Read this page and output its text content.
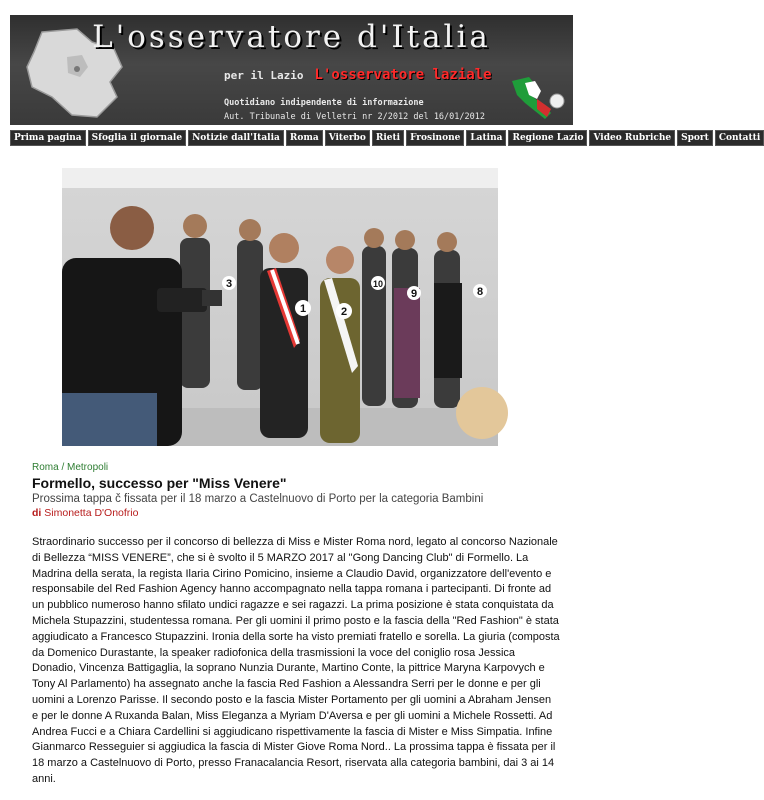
L'osservatore d'Italia
per il Lazio L'osservatore laziale
Quotidiano indipendente di informazione
Aut. Tribunale di Velletri nr 2/2012 del 16/01/2012
Prima pagina	Sfoglia il giornale	Notizie dall'Italia	Roma	Viterbo	Rieti	Frosinone	Latina	Regione Lazio	Video Rubriche	Sport	Contatti
1	2
3	10
9	8

Roma / Metropoli

Formello, successo per "Miss Venere"

Prossima tappa č fissata per il 18 marzo a Castelnuovo di Porto per la categoria Bambini

di Simonetta D'Onofrio

Straordinario successo per il concorso di bellezza di Miss e Mister Roma nord, legato al concorso Nazionale di Bellezza “MISS VENERE”, che si è svolto il 5 MARZO 2017 al "Gong Dancing Club" di Formello. La Madrina della serata, la regista Ilaria Cirino Pomicino, insieme a Claudio David, organizzatore dell'evento e responsabile del Red Fashion Agency hanno accompagnato nella tappa romana i partecipanti. Di fronte ad un pubblico numeroso hanno sfilato undici ragazze e sei ragazzi. La prima posizione è stata conquistata da Michela Stupazzini, studentessa romana. Per gli uomini il primo posto e la fascia della "Red Fashion" è stata aggiudicato a Francesco Stupazzini. Ironia della sorte ha visto premiati fratello e sorella. La giuria (composta da Domenico Durastante, la speaker radiofonica della trasmissioni la voce del coniglio rosa Jessica Donadio, Vincenza Battigaglia, la soprano Nunzia Durante, Martino Conte, la pittrice Maryna Karpovych e Tony Al Parlamento) ha assegnato anche la fascia Red Fashion a Alessandra Serri per le donne e per gli uomini a Lorenzo Parisse. Il secondo posto e la fascia Mister Portamento per gli uomini a Abraham Jensen e per le donne A Ruxanda Balan, Miss Eleganza a Myriam D'Aversa e per gli uomini a Michele Rossetti. Ad Andrea Fucci e a Chiara Cardellini si aggiudicano rispettivamente la fascia di Mister e Miss Simpatia. Infine Gianmarco Resseguier si aggiudica la fascia di Mister Giove Roma Nord.. La prossima tappa è fissata per il 18 marzo a Castelnuovo di Porto, presso Franacalancia Resort, riservata alla categoria bambini, dai 3 ai 14 anni.
